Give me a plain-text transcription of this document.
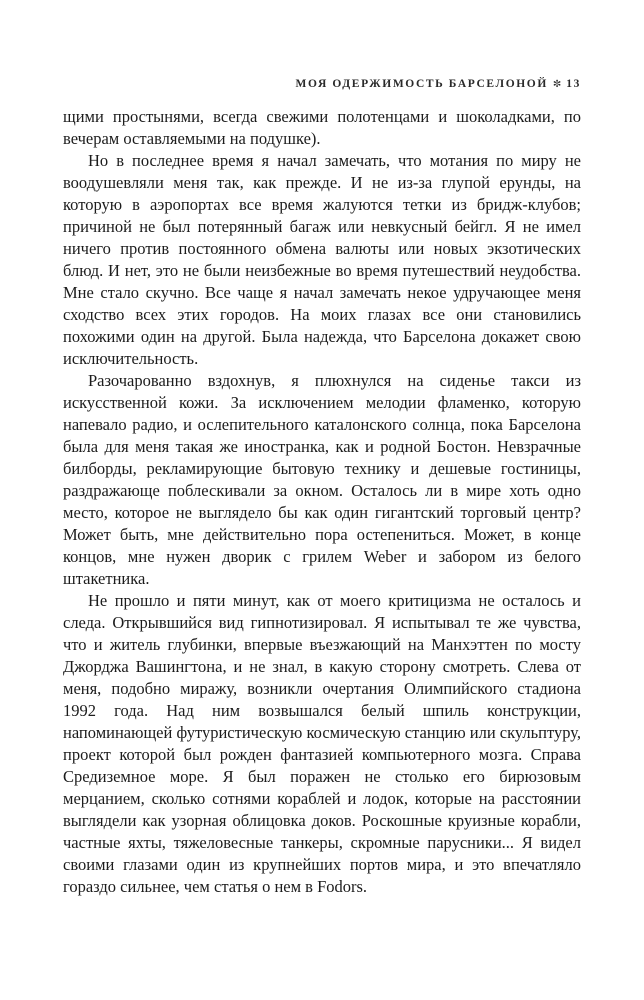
МОЯ ОДЕРЖИМОСТЬ БАРСЕЛОНОЙ ✼ 13

щими простынями, всегда свежими полотенцами и шоколадками, по вечерам оставляемыми на подушке).

Но в последнее время я начал замечать, что мотания по миру не воодушевляли меня так, как прежде. И не из-за глупой ерунды, на которую в аэропортах все время жалуются тетки из бридж-клубов; причиной не был потерянный багаж или невкусный бейгл. Я не имел ничего против постоянного обмена валюты или новых экзотических блюд. И нет, это не были неизбежные во время путешествий неудобства. Мне стало скучно. Все чаще я начал замечать некое удручающее меня сходство всех этих городов. На моих глазах все они становились похожими один на другой. Была надежда, что Барселона докажет свою исключительность.

Разочарованно вздохнув, я плюхнулся на сиденье такси из искусственной кожи. За исключением мелодии фламенко, которую напевало радио, и ослепительного каталонского солнца, пока Барселона была для меня такая же иностранка, как и родной Бостон. Невзрачные билборды, рекламирующие бытовую технику и дешевые гостиницы, раздражающе поблескивали за окном. Осталось ли в мире хоть одно место, которое не выглядело бы как один гигантский торговый центр? Может быть, мне действительно пора остепениться. Может, в конце концов, мне нужен дворик с грилем Weber и забором из белого штакетника.

Не прошло и пяти минут, как от моего критицизма не осталось и следа. Открывшийся вид гипнотизировал. Я испытывал те же чувства, что и житель глубинки, впервые въезжающий на Манхэттен по мосту Джорджа Вашингтона, и не знал, в какую сторону смотреть. Слева от меня, подобно миражу, возникли очертания Олимпийского стадиона 1992 года. Над ним возвышался белый шпиль конструкции, напоминающей футуристическую космическую станцию или скульптуру, проект которой был рожден фантазией компьютерного мозга. Справа Средиземное море. Я был поражен не столько его бирюзовым мерцанием, сколько сотнями кораблей и лодок, которые на расстоянии выглядели как узорная облицовка доков. Роскошные круизные корабли, частные яхты, тяжеловесные танкеры, скромные парусники... Я видел своими глазами один из крупнейших портов мира, и это впечатляло гораздо сильнее, чем статья о нем в Fodors.
